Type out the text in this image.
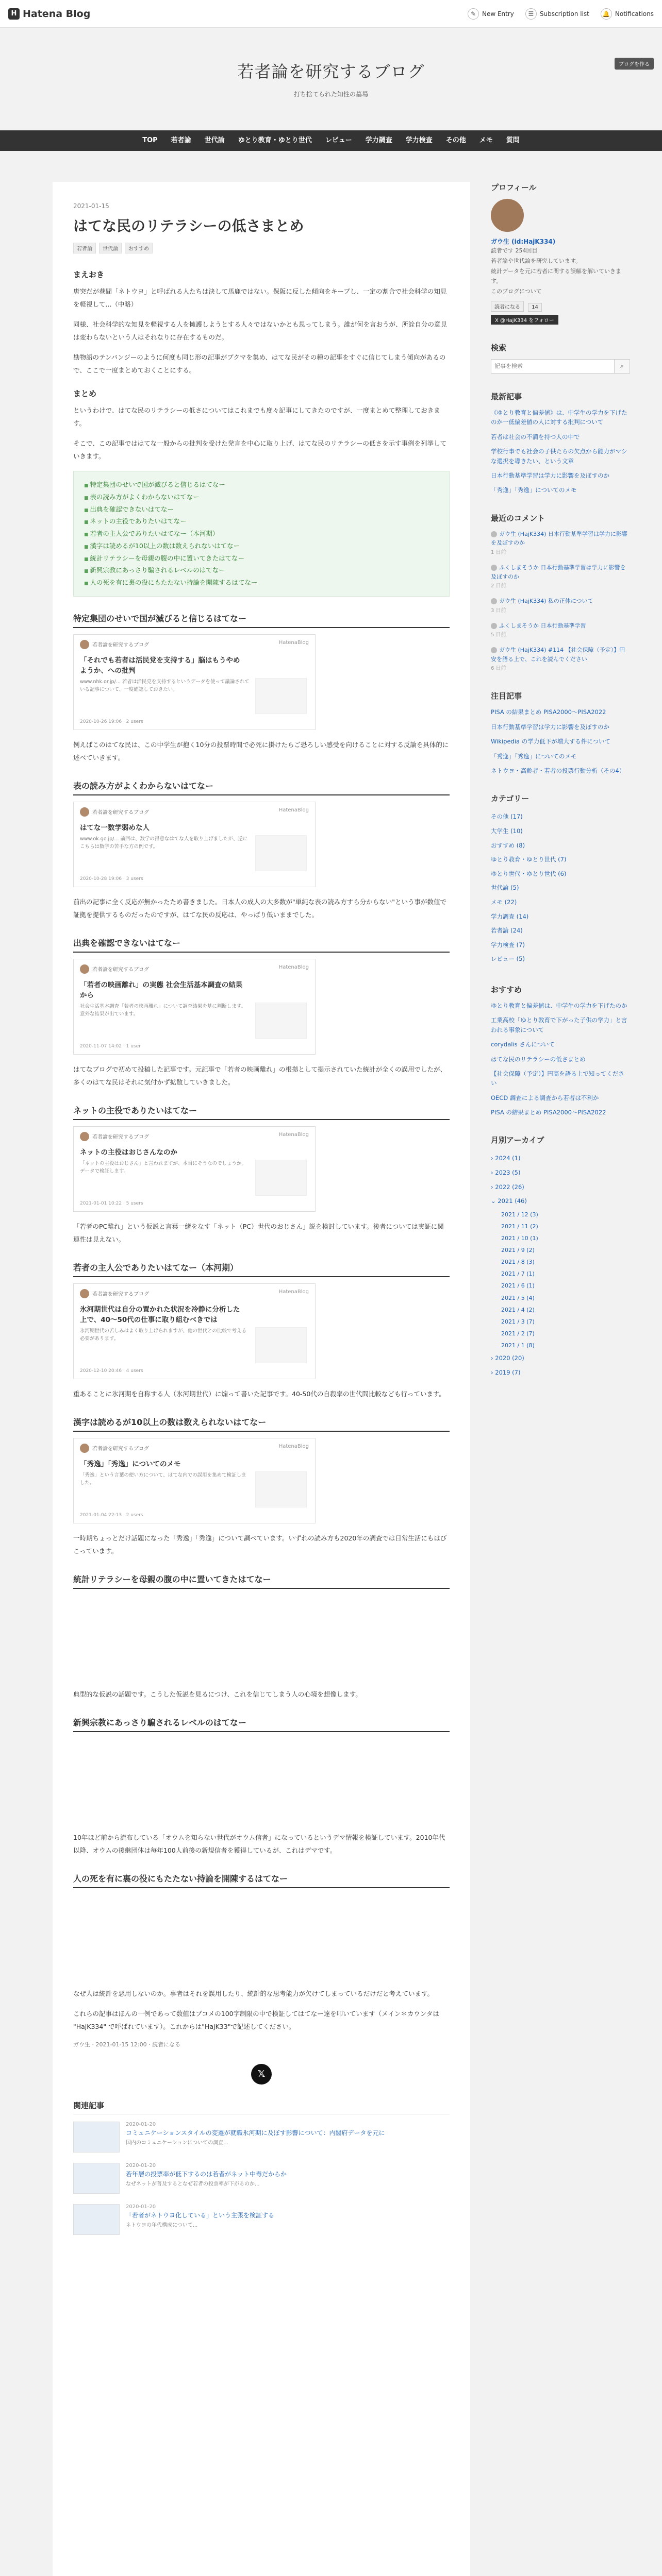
H Hatena Blog	✎ New Entry	☰ Subscription list 🔔 Notifications
ブログを作る
若者論を研究するブログ
打ち捨てられた知性の墓場
TOP	若者論	世代論	ゆとり教育・ゆとり世代	レビュー	学力調査	学力検査	その他	メモ	質問
2021-01-15
はてな民のリテラシーの低さまとめ
若者論	世代論	おすすめ
まえおき

唐突だが巷間「ネトウヨ」と呼ばれる人たちは決して馬鹿ではない。保阪に反した傾向をキープし、一定の割合で社会科学の知見を軽視して...（中略）

同様、社会科学的な知見を軽視する人を擁護しようとする人々ではないかとも思ってしまう。誰が何を言おうが、所詮自分の意見は変わらないという人はそれなりに存在するものだ。

勘物語のテンバンジーのように何度も同じ形の記事がブクマを集め、はてな民がその種の記事をすぐに信じてしまう傾向があるので、ここで一度まとめておくことにする。

まとめ

というわけで、はてな民のリテラシーの低さについてはこれまでも度々記事にしてきたのですが、一度まとめて整理しておきます。

そこで、この記事でははてな一般からの批判を受けた発言を中心に取り上げ、はてな民のリテラシーの低さを示す事例を列挙していきます。

■ 特定集団のせいで国が滅びると信じるはてなー
■ 表の読み方がよくわからないはてなー
■ 出典を確認できないはてなー
■ ネットの主役でありたいはてなー
■ 若者の主人公でありたいはてなー（本河期）
■ 漢字は読めるが10以上の数は数えられないはてなー
■ 統計リテラシーを母親の腹の中に置いてきたはてなー
■ 新興宗教にあっさり騙されるレベルのはてなー
■ 人の死を有に裏の役にもたたない持論を開陳するはてなー
特定集団のせいで国が滅びると信じるはてなー
若者論を研究するブログ	HatenaBlog
「それでも若者は活民党を支持する」脳はもうやめようか、への批判
www.nhk.or.jp/... 若者は活民党を支持するというデータを使って議論されている記事について、一度確認しておきたい。
2020-10-26 19:06 · 2 users

例えばこのはてな民は、この中学生が抱く10分の投票時間で必死に掛けたらご恐ろしい感受を向けることに対する反論を具体的に述べていきます。

表の読み方がよくわからないはてなー
若者論を研究するブログ	HatenaBlog
はてな一数学弱めな人
www.ok.go.jp/... 前回は、数学の得意なはてな人を取り上げましたが、逆にこちらは数学の苦手な方の例です。
2020-10-28 19:06 · 3 users

前出の記事に全く反応が無かったため書きました。日本人の成人の大多数が"単純な表の読み方すら分からない"という事が数値で証拠を提供するものだったのですが、はてな民の反応は、やっぱり低いままでした。

出典を確認できないはてなー
若者論を研究するブログ	HatenaBlog
「若者の映画離れ」の実態 社会生活基本調査の結果から
社会生活基本調査「若者の映画離れ」について調査結果を基に判断します。意外な結果が出ています。
2020-11-07 14:02 · 1 user

はてなブログで初めて投稿した記事です。元記事で「若者の映画離れ」の根拠として提示されていた統計が全くの誤用でしたが、多くのはてな民はそれに気付かず拡散していきました。

ネットの主役でありたいはてなー
若者論を研究するブログ	HatenaBlog
ネットの主役はおじさんなのか
「ネットの主役はおじさん」と言われますが、本当にそうなのでしょうか。データで検証します。
2021-01-01 10:22 · 5 users

「若者のPC離れ」という仮説と言葉一緒をなす「ネット（PC）世代のおじさん」説を検討しています。後者については実証に関連性は見えない。

若者の主人公でありたいはてなー（本河期）
若者論を研究するブログ	HatenaBlog
氷河期世代は自分の置かれた状況を冷静に分析した上で、40～50代の仕事に取り組むべきでは
氷河期世代の苦しみはよく取り上げられますが、他の世代との比較で考える必要があります。
2020-12-10 20:46 · 4 users

重あることに氷河期を自称する人（氷河期世代）に煽って書いた記事です。40-50代の自殺率の世代間比較なども行っています。

漢字は読めるが10以上の数は数えられないはてなー
若者論を研究するブログ	HatenaBlog
「秀逸」「秀逸」についてのメモ
「秀逸」という言葉の使い方について、はてな内での誤用を集めて検証しました。
2021-01-04 22:13 · 2 users

一時期ちょっとだけ話題になった「秀逸」「秀逸」について調べています。いずれの読み方も2020年の調査では日常生活にもはびこっています。

統計リテラシーを母親の腹の中に置いてきたはてなー

典型的な仮説の話題です。こうした仮説を見るにつけ、これを信じてしまう人の心境を想像します。

新興宗教にあっさり騙されるレベルのはてなー

10年ほど前から流布している「オウムを知らない世代がオウム信者」になっているというデマ情報を検証しています。2010年代以降、オウムの後継団体は毎年100人前後の新規信者を獲得しているが、これはデマです。

人の死を有に裏の役にもたたない持論を開陳するはてなー

なぜ人は統計を悪用しないのか。事者はそれを誤用したり、統計的な思考能力が欠けてしまっているだけだと考えています。

これらの記事はほんの一例であって数値はブコメの100字制限の中で検証してはてなー達を叩いています（メイン＊カウンタは "HajK334" で呼ばれています）。これからは"HajK33"で記述してください。

ガウ生 · 2021-01-15 12:00 · 読者になる
𝕏
関連記事
2020-01-20
コミュニケーションスタイルの変遷が就職氷河期に及ぼす影響について：内閣府データを元に
国内のコミュニケーションについての調査...
2020-01-20
若年層の投票率が低下するのは若者がネット中毒だからか
なぜネットが普及するとなぜ若者の投票率が下がるのか...
2020-01-20
「若者がネトウヨ化している」という主張を検証する
ネトウヨの年代構成について...
プロフィール
ガウ生 (id:HajK334)
読者です 254回目
若者論や世代論を研究しています。
統計データを元に若者に関する誤解を解いていきます。
このブログについて
読者になる 14
X @HajK334 をフォロー
検索
記事を検索
⌕
最新記事
《ゆとり教育と偏差値》は、中学生の学力を下げたのか一低偏差値の人に対する批判について
若者は社会の不満を持つ人の中で
学校行事でも社会の子供たちの欠点から能力がマシな選択を導きたい、という文章
日本行動基準学習は学力に影響を及ぼすのか
「秀逸」「秀逸」についてのメモ
最近のコメント
ガウ生 (HajK334) 日本行動基準学習は学力に影響を及ぼすのか
1 日前
ふくしまそうか 日本行動基準学習は学力に影響を及ぼすのか
2 日前
ガウ生 (HajK334) 私の正体について
3 日前
ふくしまそうか 日本行動基準学習
5 日前
ガウ生 (HajK334) #114 【社会保障（予定）】円安を語る上で、これを読んでください
6 日前
注目記事
PISA の結果まとめ PISA2000～PISA2022
日本行動基準学習は学力に影響を及ぼすのか
Wikipedia の学力低下が増大する件について
「秀逸」「秀逸」についてのメモ
ネトウヨ・高齢者・若者の投票行動分析（その4）
カテゴリー
その他 (17)
大学生 (10)
おすすめ (8)
ゆとり教育・ゆとり世代 (7)
ゆとり世代・ゆとり世代 (6)
世代論 (5)
メモ (22)
学力調査 (14)
若者論 (24)
学力検査 (7)
レビュー (5)
おすすめ
ゆとり教育と偏差値は、中学生の学力を下げたのか
工業高校「ゆとり教育で下がった子供の学力」と言われる事象について
corydalis さんについて
はてな民のリテラシーの低さまとめ
【社会保障（予定）】円高を語る上で知ってください
OECD 調査による調査から若者は不利か
PISA の結果まとめ PISA2000～PISA2022
月別アーカイブ
› 2024 (1)
› 2023 (5)
› 2022 (26)
⌄ 2021 (46)
2021 / 12 (3)
2021 / 11 (2)
2021 / 10 (1)
2021 / 9 (2)
2021 / 8 (3)
2021 / 7 (1)
2021 / 6 (1)
2021 / 5 (4)
2021 / 4 (2)
2021 / 3 (7)
2021 / 2 (7)
2021 / 1 (8)
› 2020 (20)
› 2019 (7)
